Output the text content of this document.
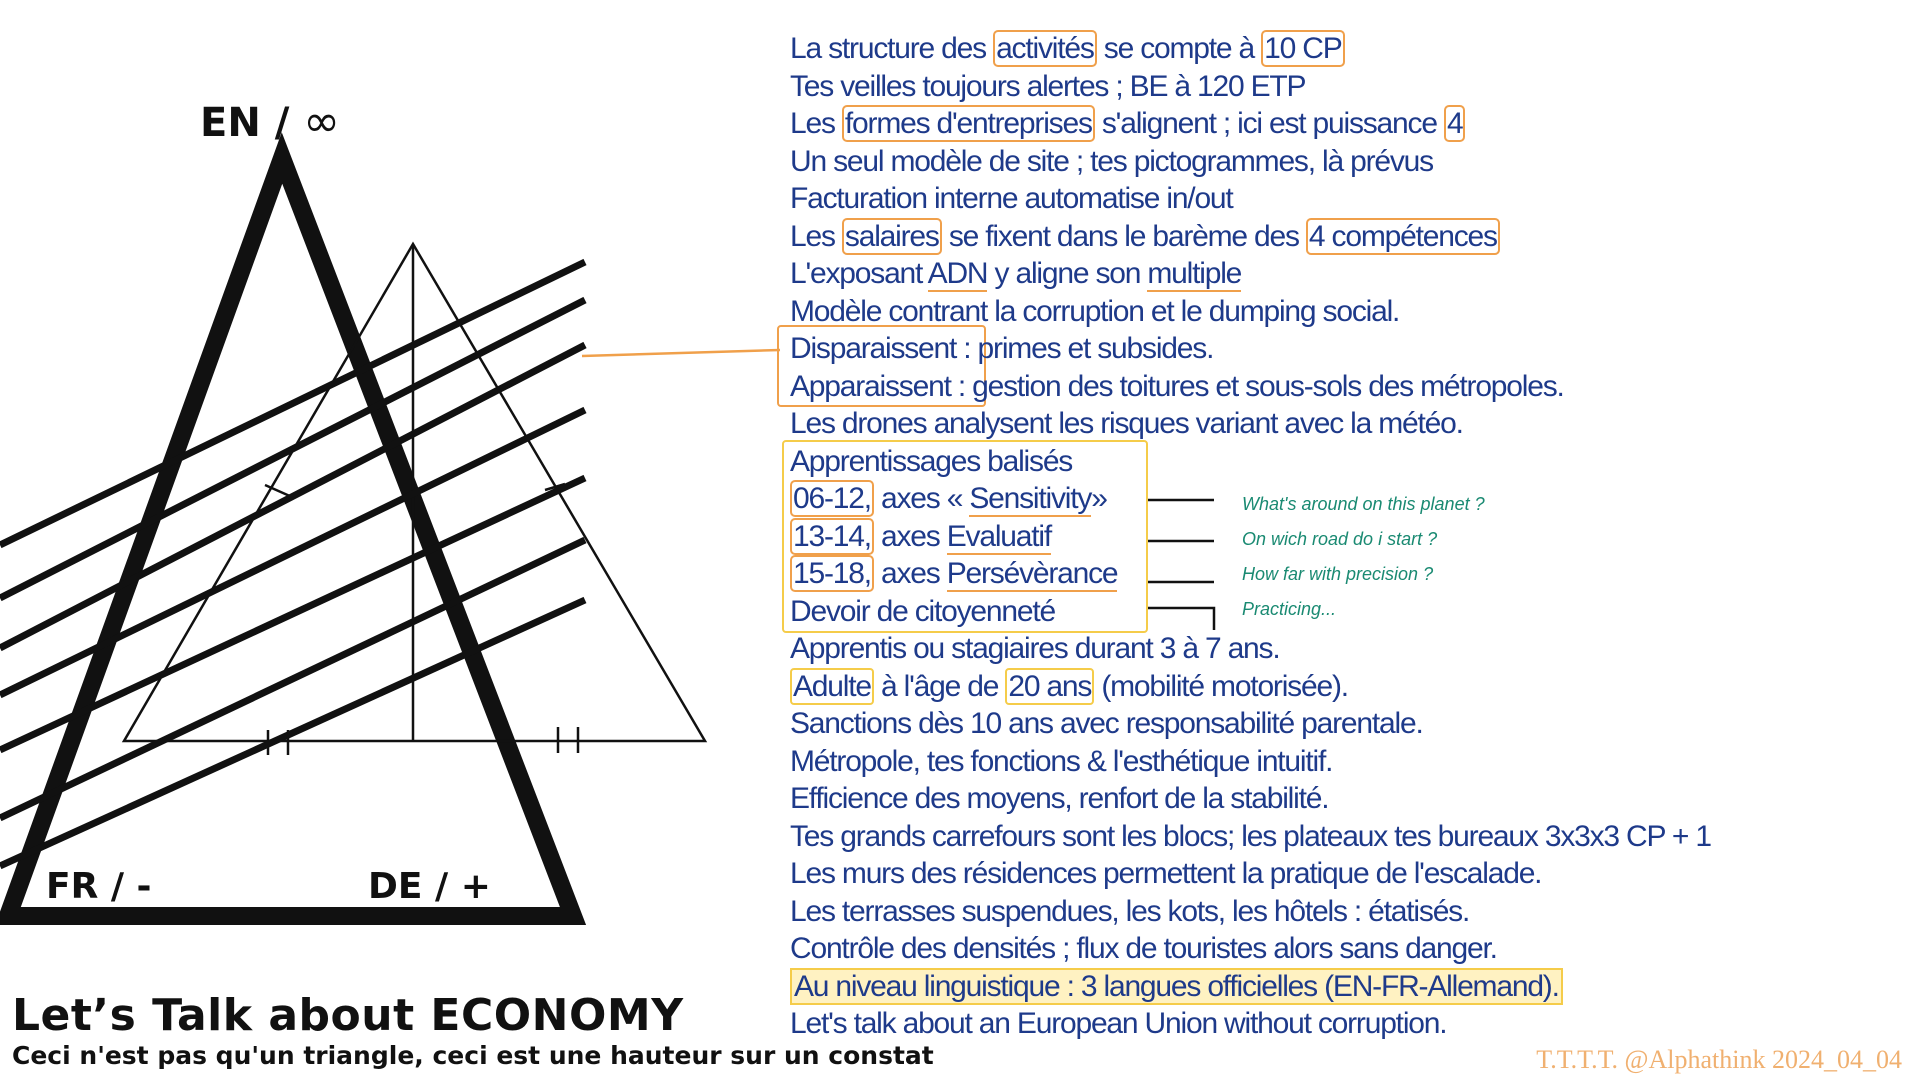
EN / ∞
FR / -	DE / +
La structure des activités se compte à 10 CP
Tes veilles toujours alertes ; BE à 120 ETP
Les formes d'entreprises s'alignent ; ici est puissance 4
Un seul modèle de site ; tes pictogrammes, là prévus
Facturation interne automatise in/out
Les salaires se fixent dans le barème des 4 compétences
L'exposant ADN y aligne son multiple
Modèle contrant la corruption et le dumping social.
Disparaissent : primes et subsides.
Apparaissent : gestion des toitures et sous-sols des métropoles.
Les drones analysent les risques variant avec la météo.
Apprentissages balisés
06-12, axes « Sensitivity»
13-14, axes Evaluatif
15-18, axes Persévèrance
Devoir de citoyenneté
Apprentis ou stagiaires durant 3 à 7 ans.
Adulte à l'âge de 20 ans (mobilité motorisée).
Sanctions dès 10 ans avec responsabilité parentale.
Métropole, tes fonctions & l'esthétique intuitif.
Efficience des moyens, renfort de la stabilité.
Tes grands carrefours sont les blocs; les plateaux tes bureaux 3x3x3 CP + 1
Les murs des résidences permettent la pratique de l'escalade.
Les terrasses suspendues, les kots, les hôtels : étatisés.
Contrôle des densités ; flux de touristes alors sans danger.
Au niveau linguistique : 3 langues officielles (EN-FR-Allemand).
Let's talk about an European Union without corruption.
What's around on this planet ?
On wich road do i start ?
How far with precision ?
Practicing...
Let’s Talk about ECONOMY
Ceci n'est pas qu'un triangle, ceci est une hauteur sur un constat	T.T.T.T. @Alphathink 2024_04_04
